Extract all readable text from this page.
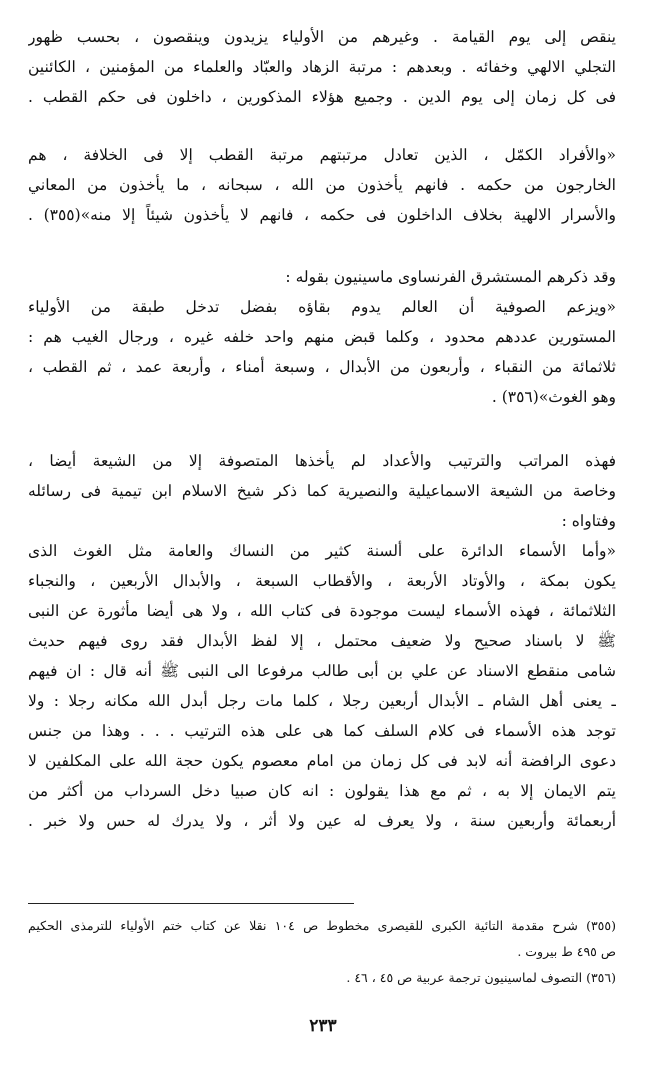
ينقص إلى يوم القيامة . وغيرهم من الأولياء يزيدون وينقصون ، بحسب ظهور
التجلي الالهي وخفائه . وبعدهم : مرتبة الزهاد والعبّاد والعلماء من المؤمنين ، الكائنين
فى كل زمان إلى يوم الدين . وجميع هؤلاء المذكورين ، داخلون فى حكم القطب .
«والأفراد الكمّل ، الذين تعادل مرتبتهم مرتبة القطب إلا فى الخلافة ، هم
الخارجون من حكمه . فانهم يأخذون من الله ، سبحانه ، ما يأخذون من المعاني
والأسرار الالهية بخلاف الداخلون فى حكمه ، فانهم لا يأخذون شيئاً إلا منه»(٣٥٥) .
وقد ذكرهم المستشرق الفرنساوى ماسينيون بقوله :
«ويزعم الصوفية أن العالم يدوم بقاؤه بفضل تدخل طبقة من الأولياء
المستورين عددهم محدود ، وكلما قبض منهم واحد خلفه غيره ، ورجال الغيب هم :
ثلاثمائة من النقباء ، وأربعون من الأبدال ، وسبعة أمناء ، وأربعة عمد ، ثم القطب ،
وهو الغوث»(٣٥٦) .
فهذه المراتب والترتيب والأعداد لم يأخذها المتصوفة إلا من الشيعة أيضا ،
وخاصة من الشيعة الاسماعيلية والنصيرية كما ذكر شيخ الاسلام ابن تيمية فى رسائله
وفتاواه :
«وأما الأسماء الدائرة على ألسنة كثير من النساك والعامة مثل الغوث الذى
يكون بمكة ، والأوتاد الأربعة ، والأقطاب السبعة ، والأبدال الأربعين ، والنجباء
الثلاثمائة ، فهذه الأسماء ليست موجودة فى كتاب الله ، ولا هى أيضا مأثورة عن النبى
ﷺ لا باسناد صحيح ولا ضعيف محتمل ، إلا لفظ الأبدال فقد روى فيهم حديث
شامى منقطع الاسناد عن علي بن أبى طالب مرفوعا الى النبى ﷺ أنه قال : ان فيهم
ـ يعنى أهل الشام ـ الأبدال أربعين رجلا ، كلما مات رجل أبدل الله مكانه رجلا : ولا
توجد هذه الأسماء فى كلام السلف كما هى على هذه الترتيب . . . وهذا من جنس
دعوى الرافضة أنه لابد فى كل زمان من امام معصوم يكون حجة الله على المكلفين لا
يتم الايمان إلا به ، ثم مع هذا يقولون : انه كان صبيا دخل السرداب من أكثر من
أربعمائة وأربعين سنة ، ولا يعرف له عين ولا أثر ، ولا يدرك له حس ولا خبر .
(٣٥٥) شرح مقدمة التائية الكبرى للقيصرى مخطوط ص ١٠٤ نقلا عن كتاب ختم الأولياء للترمذى الحكيم
ص ٤٩٥ ط بيروت .
(٣٥٦) التصوف لماسينيون ترجمة عربية ص ٤٥ ، ٤٦ .
٢٣٣
